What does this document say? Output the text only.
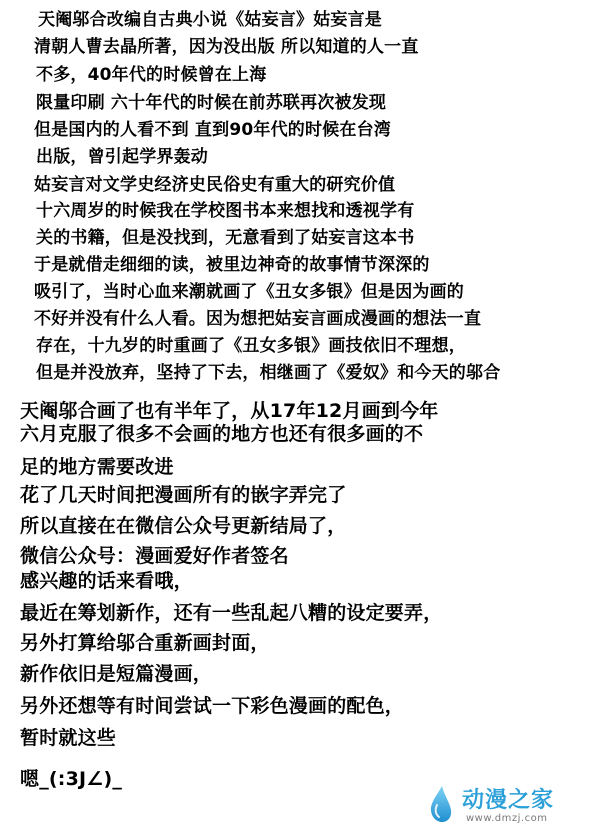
天阉邬合改编自古典小说《姑妄言》姑妄言是
清朝人曹去晶所著，因为没出版 所以知道的人一直
不多，40年代的时候曾在上海
限量印刷 六十年代的时候在前苏联再次被发现
但是国内的人看不到 直到90年代的时候在台湾
出版，曾引起学界轰动
姑妄言对文学史经济史民俗史有重大的研究价值
十六周岁的时候我在学校图书本来想找和透视学有
关的书籍，但是没找到，无意看到了姑妄言这本书
于是就借走细细的读，被里边神奇的故事情节深深的
吸引了，当时心血来潮就画了《丑女多银》但是因为画的
不好并没有什么人看。因为想把姑妄言画成漫画的想法一直
存在，十九岁的时重画了《丑女多银》画技依旧不理想，
但是并没放弃，坚持了下去，相继画了《爱奴》和今天的邬合
天阉邬合画了也有半年了，从17年12月画到今年
六月克服了很多不会画的地方也还有很多画的不
足的地方需要改进
花了几天时间把漫画所有的嵌字弄完了
所以直接在在微信公众号更新结局了，
微信公众号：漫画爱好作者签名
感兴趣的话来看哦，
最近在筹划新作，还有一些乱起八糟的设定要弄，
另外打算给邬合重新画封面，
新作依旧是短篇漫画，
另外还想等有时间尝试一下彩色漫画的配色，
暂时就这些
嗯_(:3J∠)_
动漫之家
www.dmzj.com
